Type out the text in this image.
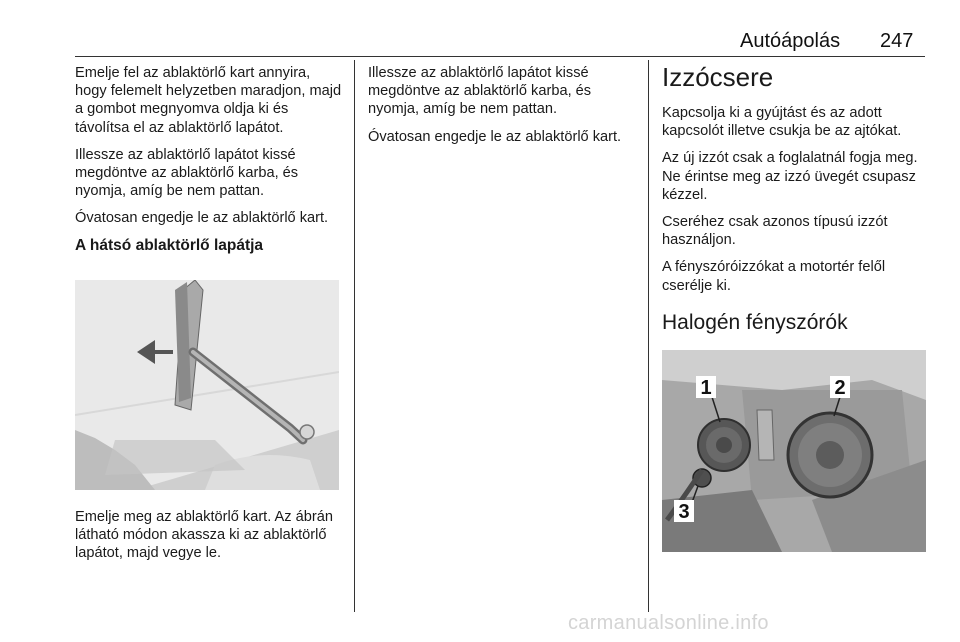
Autóápolás 247

Emelje fel az ablaktörlő kart annyira, hogy felemelt helyzetben maradjon, majd a gombot megnyomva oldja ki és távolítsa el az ablaktörlő lapátot.

Illessze az ablaktörlő lapátot kissé megdöntve az ablaktörlő karba, és nyomja, amíg be nem pattan.

Óvatosan engedje le az ablaktörlő kart.

A hátsó ablaktörlő lapátja
Emelje meg az ablaktörlő kart. Az ábrán látható módon akassza ki az ablaktörlő lapátot, majd vegye le.

Illessze az ablaktörlő lapátot kissé megdöntve az ablaktörlő karba, és nyomja, amíg be nem pattan.

Óvatosan engedje le az ablaktörlő kart.

Izzócsere

Kapcsolja ki a gyújtást és az adott kapcsolót illetve csukja be az ajtókat.

Az új izzót csak a foglalatnál fogja meg. Ne érintse meg az izzó üvegét csupasz kézzel.

Cseréhez csak azonos típusú izzót használjon.

A fényszóróizzókat a motortér felől cserélje ki.

Halogén fényszórók
1	2
3
carmanualsonline.info
